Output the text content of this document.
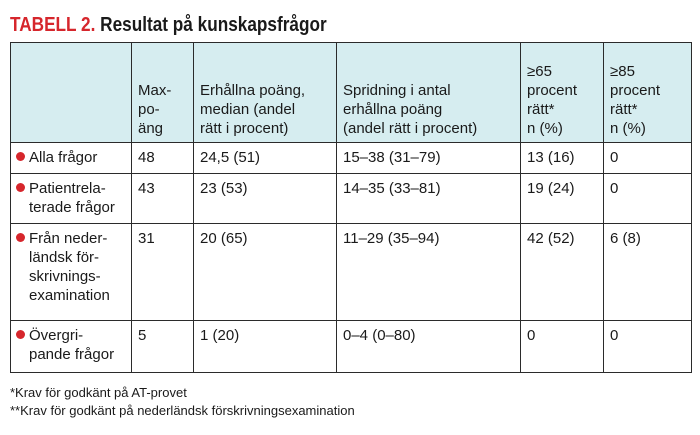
TABELL 2. Resultat på kunskapsfrågor

	Max-
po-
äng	Erhållna poäng,
median (andel
rätt i procent)	Spridning i antal
erhållna poäng
(andel rätt i procent)	≥65
procent
rätt*
n (%)	≥85
procent
rätt*
n (%)

Alla frågor	48	24,5 (51)	15–38 (31–79)	13 (16)	0

Patientrela-
terade frågor	43	23 (53)	14–35 (33–81)	19 (24)	0

Från neder-
ländsk för-
skrivnings-
examination	31	20 (65)	11–29 (35–94)	42 (52)	6 (8)

Övergri-
pande frågor	5	1 (20)	0–4 (0–80)	0	0
*Krav för godkänt på AT-provet
**Krav för godkänt på nederländsk förskrivningsexamination
